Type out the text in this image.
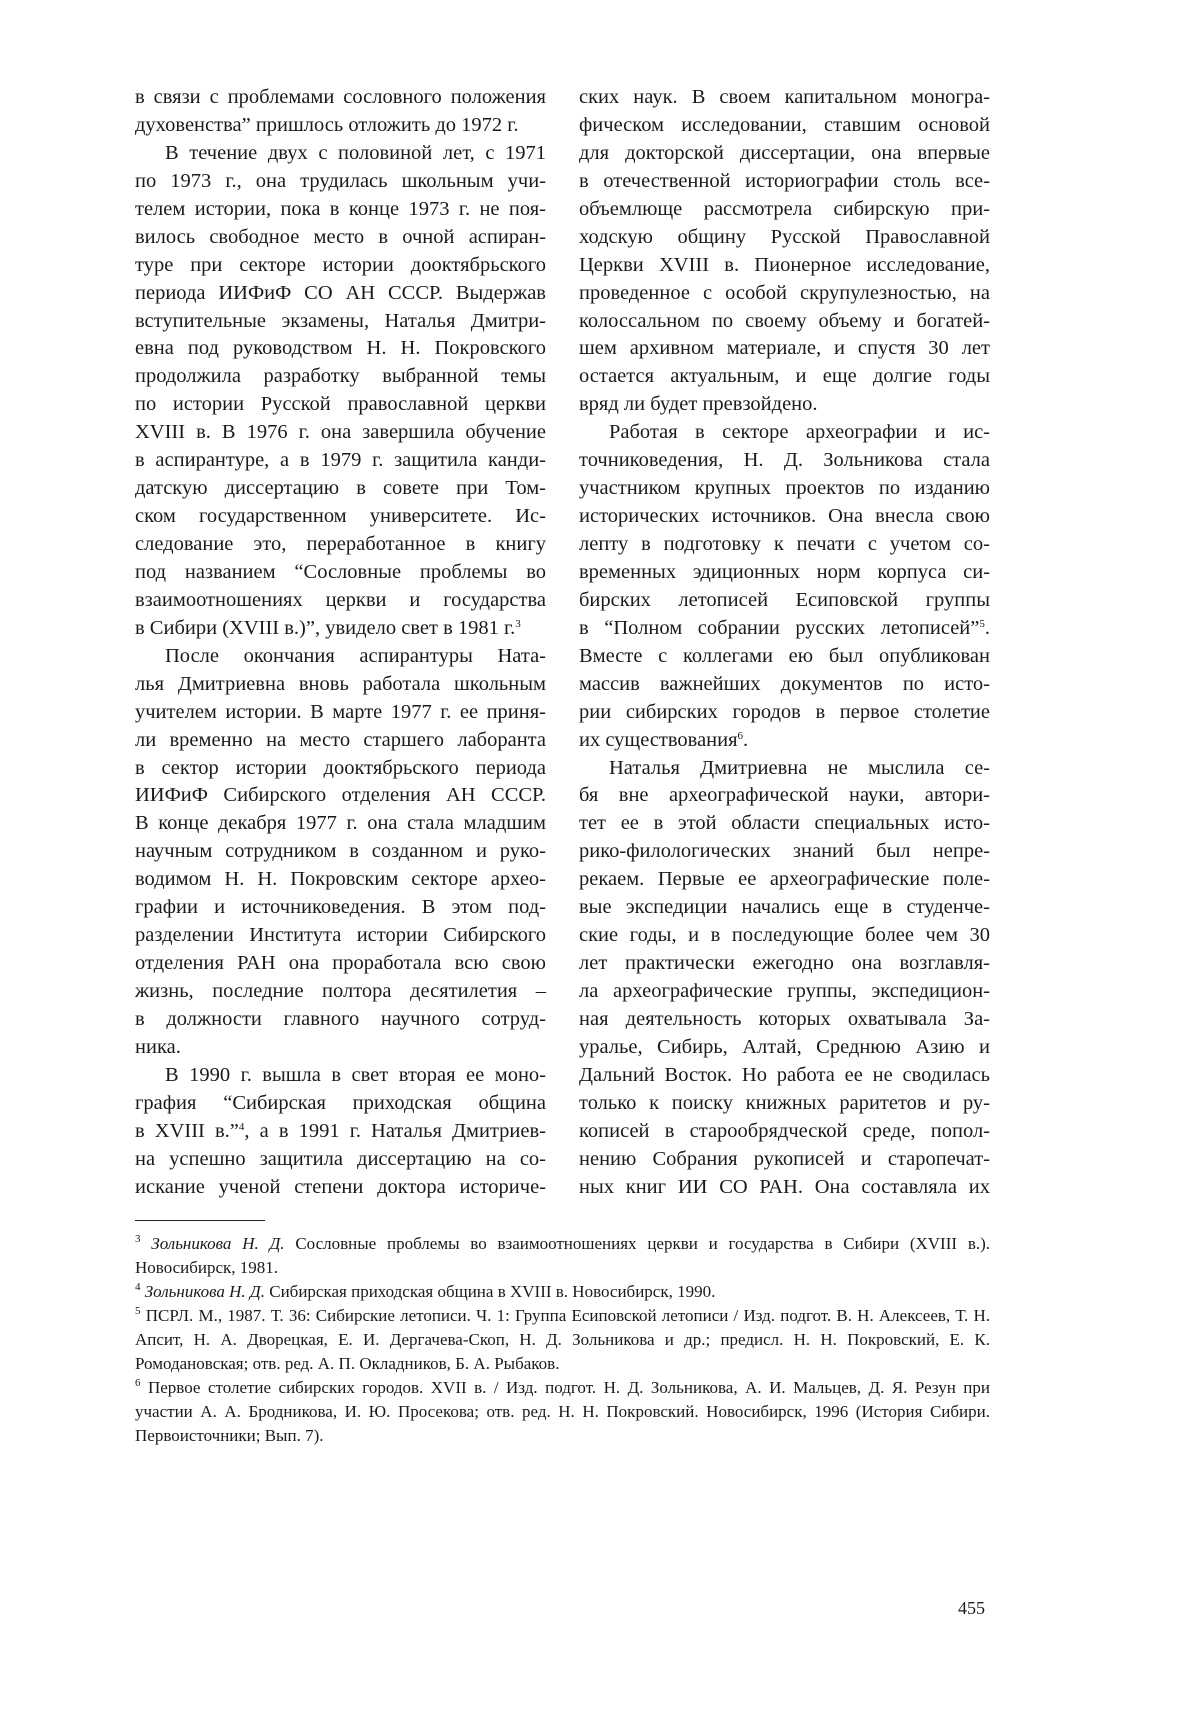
в связи с проблемами сословного положения
духовенства” пришлось отложить до 1972 г.
В течение двух с половиной лет, с 1971
по 1973 г., она трудилась школьным учи-
телем истории, пока в конце 1973 г. не поя-
вилось свободное место в очной аспиран-
туре при секторе истории доoктябрьского
периода ИИФиФ СО АН СССР. Выдержав
вступительные экзамены, Наталья Дмитри-
евна под руководством Н. Н. Покровского
продолжила разработку выбранной темы
по истории Русской православной церкви
XVIII в. В 1976 г. она завершила обучение
в аспирантуре, а в 1979 г. защитила канди-
датскую диссертацию в совете при Том-
ском государственном университете. Ис-
следование это, переработанное в книгу
под названием “Сословные проблемы во
взаимоотношениях церкви и государства
в Сибири (XVIII в.)”, увидело свет в 1981 г.3
После окончания аспирантуры Ната-
лья Дмитриевна вновь работала школьным
учителем истории. В марте 1977 г. ее приня-
ли временно на место старшего лаборанта
в сектор истории доoктябрьского периода
ИИФиФ Сибирского отделения АН СССР.
В конце декабря 1977 г. она стала младшим
научным сотрудником в созданном и руко-
водимом Н. Н. Покровским секторе архео-
графии и источниковедения. В этом под-
разделении Института истории Сибирского
отделения РАН она проработала всю свою
жизнь, последние полтора десятилетия –
в должности главного научного сотруд-
ника.
В 1990 г. вышла в свет вторая ее моно-
графия “Сибирская приходская община
в XVIII в.”4, а в 1991 г. Наталья Дмитриев-
на успешно защитила диссертацию на со-
искание ученой степени доктора историче-
ских наук. В своем капитальном моногра-
фическом исследовании, ставшим основой
для докторской диссертации, она впервые
в отечественной историографии столь все-
объемлюще рассмотрела сибирскую при-
ходскую общину Русской Православной
Церкви XVIII в. Пионерное исследование,
проведенное с особой скрупулезностью, на
колоссальном по своему объему и богатей-
шем архивном материале, и спустя 30 лет
остается актуальным, и еще долгие годы
вряд ли будет превзойдено.
Работая в секторе археографии и ис-
точниковедения, Н. Д. Зольникова стала
участником крупных проектов по изданию
исторических источников. Она внесла свою
лепту в подготовку к печати с учетом со-
временных эдиционных норм корпуса си-
бирских летописей Есиповской группы
в “Полном собрании русских летописей”5.
Вместе с коллегами ею был опубликован
массив важнейших документов по исто-
рии сибирских городов в первое столетие
их существования6.
Наталья Дмитриевна не мыслила се-
бя вне археографической науки, автори-
тет ее в этой области специальных исто-
рико-филологических знаний был непре-
рекаем. Первые ее археографические поле-
вые экспедиции начались еще в студенче-
ские годы, и в последующие более чем 30
лет практически ежегодно она возглавля-
ла археографические группы, экспедицион-
ная деятельность которых охватывала За-
уралье, Сибирь, Алтай, Среднюю Азию и
Дальний Восток. Но работа ее не сводилась
только к поиску книжных раритетов и ру-
кописей в старообрядческой среде, попол-
нению Собрания рукописей и старопечат-
ных книг ИИ СО РАН. Она составляла их

3 Зольникова Н. Д. Сословные проблемы во взаимоотношениях церкви и государства в Сибири (XVIII в.). Новосибирск, 1981.

4 Зольникова Н. Д. Сибирская приходская община в XVIII в. Новосибирск, 1990.

5 ПСРЛ. М., 1987. Т. 36: Сибирские летописи. Ч. 1: Группа Есиповской летописи / Изд. подгот. В. Н. Алексеев, Т. Н. Апсит, Н. А. Дворецкая, Е. И. Дергачева-Скоп, Н. Д. Зольникова и др.; предисл. Н. Н. Покровский, Е. К. Ромодановская; отв. ред. А. П. Окладников, Б. А. Рыбаков.

6 Первое столетие сибирских городов. XVII в. / Изд. подгот. Н. Д. Зольникова, А. И. Мальцев, Д. Я. Резун при участии А. А. Бродникова, И. Ю. Просекова; отв. ред. Н. Н. Покровский. Новосибирск, 1996 (История Сибири. Первоисточники; Вып. 7).

455
